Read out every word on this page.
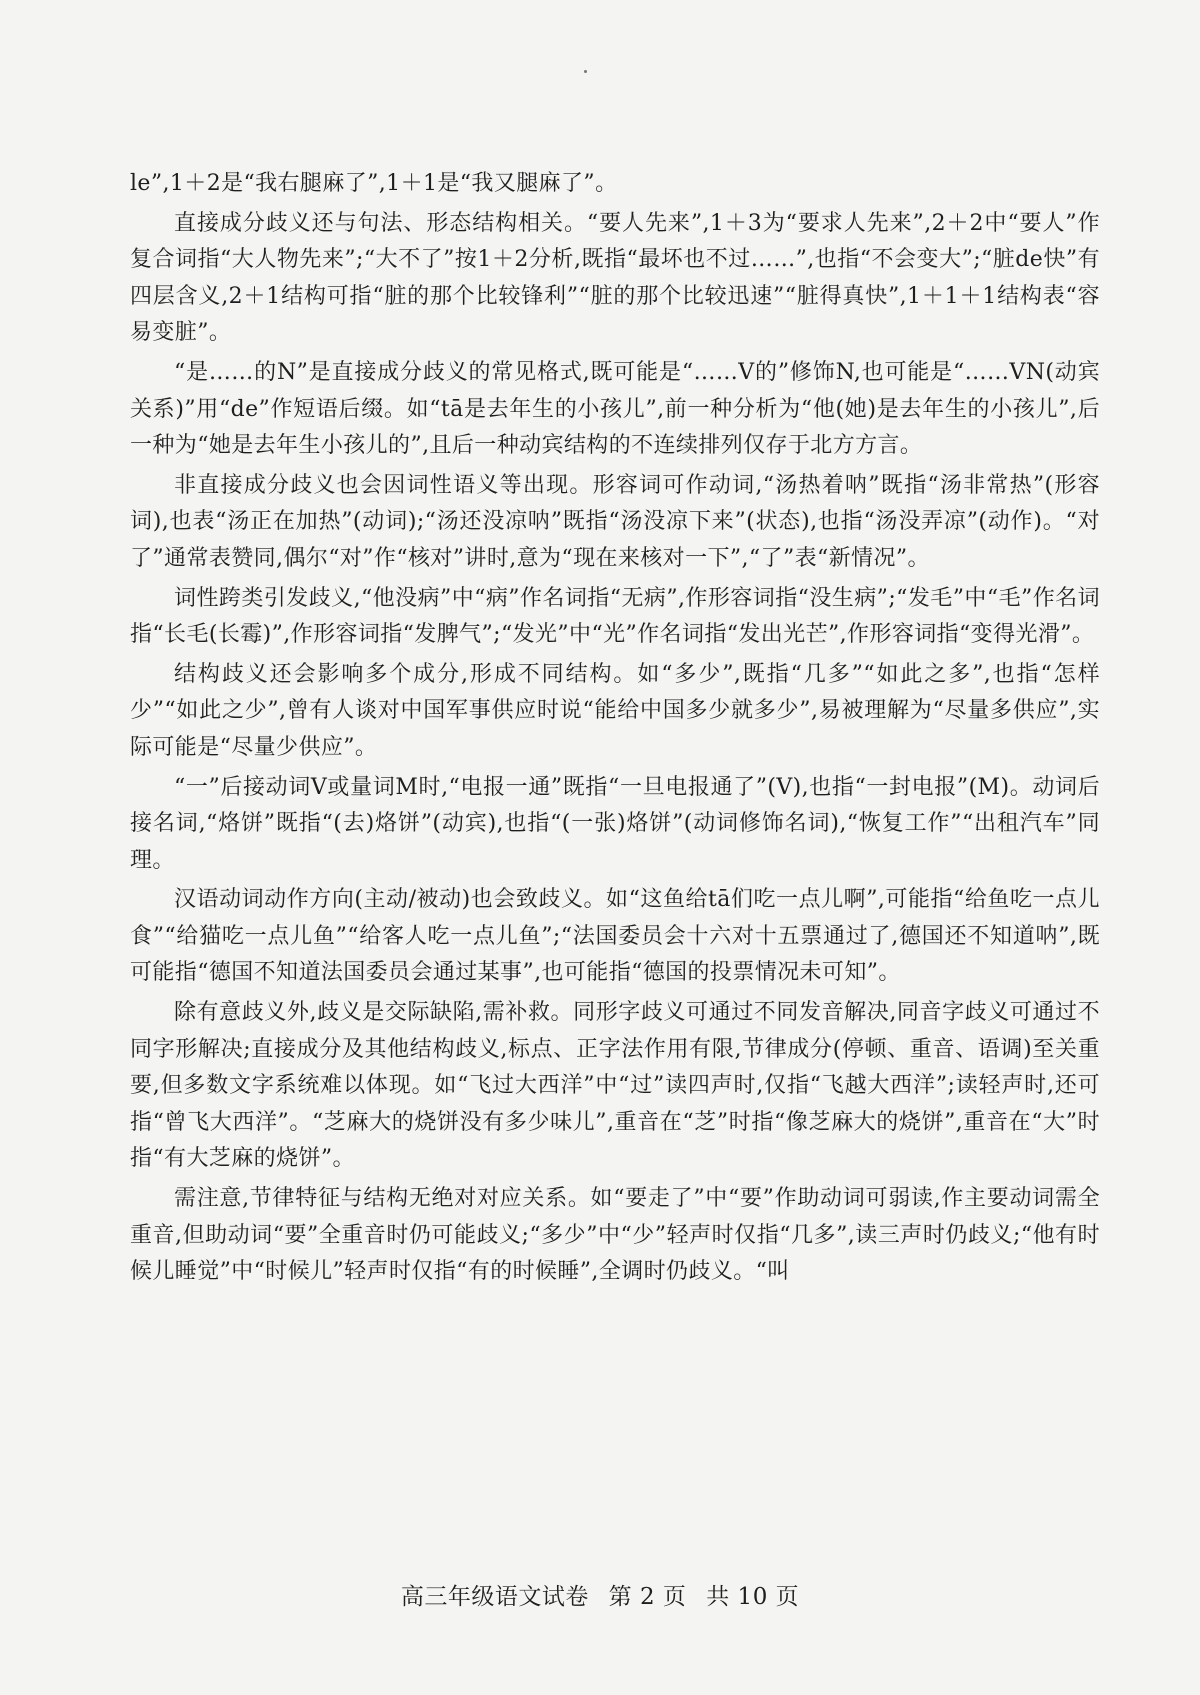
le”,1＋2是“我右腿麻了”,1＋1是“我又腿麻了”。

直接成分歧义还与句法、形态结构相关。“要人先来”,1＋3为“要求人先来”,2＋2中“要人”作复合词指“大人物先来”;“大不了”按1＋2分析,既指“最坏也不过……”,也指“不会变大”;“脏de快”有四层含义,2＋1结构可指“脏的那个比较锋利”“脏的那个比较迅速”“脏得真快”,1＋1＋1结构表“容易变脏”。

“是……的N”是直接成分歧义的常见格式,既可能是“……V的”修饰N,也可能是“……VN(动宾关系)”用“de”作短语后缀。如“tā是去年生的小孩儿”,前一种分析为“他(她)是去年生的小孩儿”,后一种为“她是去年生小孩儿的”,且后一种动宾结构的不连续排列仅存于北方方言。

非直接成分歧义也会因词性语义等出现。形容词可作动词,“汤热着呐”既指“汤非常热”(形容词),也表“汤正在加热”(动词);“汤还没凉呐”既指“汤没凉下来”(状态),也指“汤没弄凉”(动作)。“对了”通常表赞同,偶尔“对”作“核对”讲时,意为“现在来核对一下”,“了”表“新情况”。

词性跨类引发歧义,“他没病”中“病”作名词指“无病”,作形容词指“没生病”;“发毛”中“毛”作名词指“长毛(长霉)”,作形容词指“发脾气”;“发光”中“光”作名词指“发出光芒”,作形容词指“变得光滑”。

结构歧义还会影响多个成分,形成不同结构。如“多少”,既指“几多”“如此之多”,也指“怎样少”“如此之少”,曾有人谈对中国军事供应时说“能给中国多少就多少”,易被理解为“尽量多供应”,实际可能是“尽量少供应”。

“一”后接动词V或量词M时,“电报一通”既指“一旦电报通了”(V),也指“一封电报”(M)。动词后接名词,“烙饼”既指“(去)烙饼”(动宾),也指“(一张)烙饼”(动词修饰名词),“恢复工作”“出租汽车”同理。

汉语动词动作方向(主动/被动)也会致歧义。如“这鱼给tā们吃一点儿啊”,可能指“给鱼吃一点儿食”“给猫吃一点儿鱼”“给客人吃一点儿鱼”;“法国委员会十六对十五票通过了,德国还不知道呐”,既可能指“德国不知道法国委员会通过某事”,也可能指“德国的投票情况未可知”。

除有意歧义外,歧义是交际缺陷,需补救。同形字歧义可通过不同发音解决,同音字歧义可通过不同字形解决;直接成分及其他结构歧义,标点、正字法作用有限,节律成分(停顿、重音、语调)至关重要,但多数文字系统难以体现。如“飞过大西洋”中“过”读四声时,仅指“飞越大西洋”;读轻声时,还可指“曾飞大西洋”。“芝麻大的烧饼没有多少味儿”,重音在“芝”时指“像芝麻大的烧饼”,重音在“大”时指“有大芝麻的烧饼”。

需注意,节律特征与结构无绝对对应关系。如“要走了”中“要”作助动词可弱读,作主要动词需全重音,但助动词“要”全重音时仍可能歧义;“多少”中“少”轻声时仅指“几多”,读三声时仍歧义;“他有时候儿睡觉”中“时候儿”轻声时仅指“有的时候睡”,全调时仍歧义。“叫

高三年级语文试卷 第 2 页 共 10 页
